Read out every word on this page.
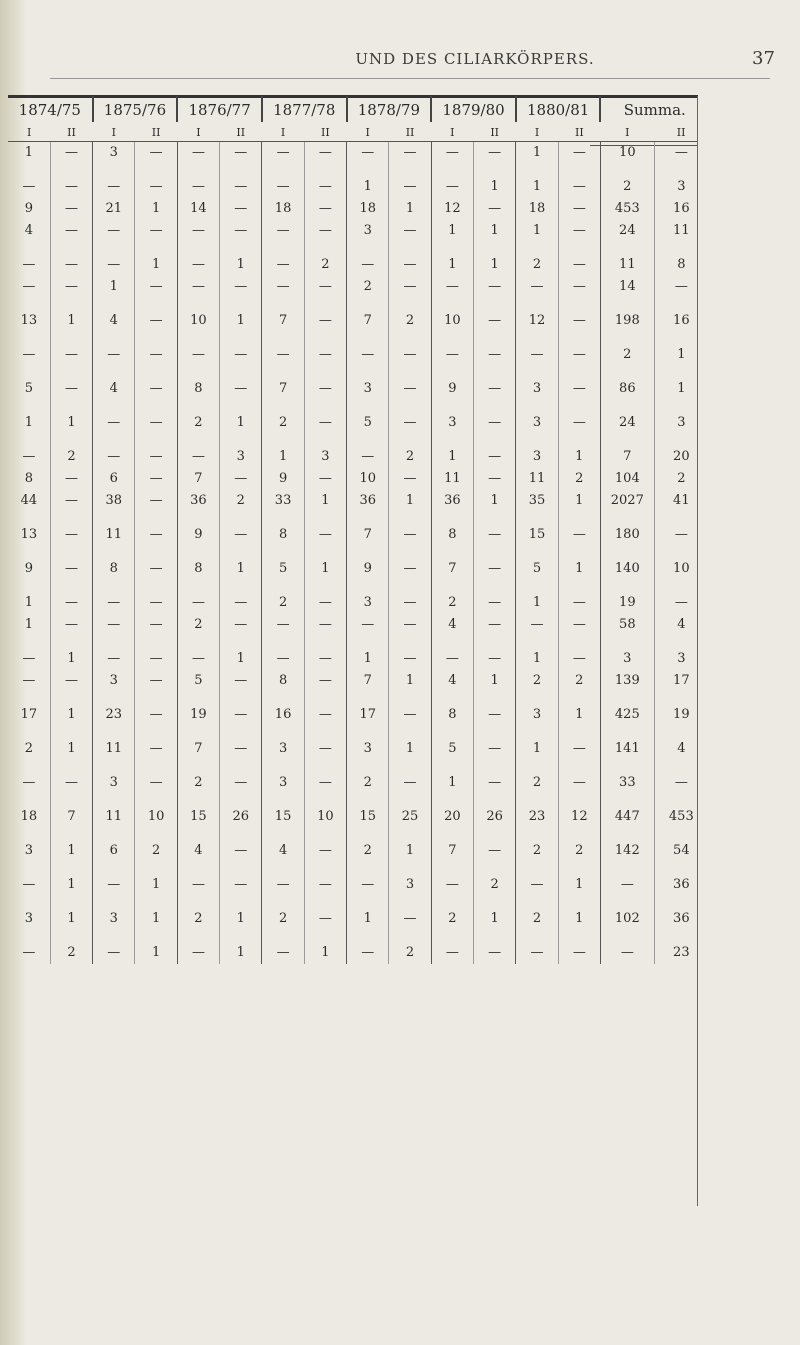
UND DES CILIARKÖRPERS.	37
1874/75		1875/76		1876/77		1877/78		1878/79		1879/80		1880/81		Summa.	
I	II	I	II	I	II	I	II	I	II	I	II	I	II	I	II
1	—	3	—	—	—	—	—	—	—	—	—	1	—	10	—

—	—	—	—	—	—	—	—	1	—	—	1	1	—	2	3
9	—	21	1	14	—	18	—	18	1	12	—	18	—	453	16
4	—	—	—	—	—	—	—	3	—	1	1	1	—	24	11

—	—	—	1	—	1	—	2	—	—	1	1	2	—	11	8
—	—	1	—	—	—	—	—	2	—	—	—	—	—	14	—

13	1	4	—	10	1	7	—	7	2	10	—	12	—	198	16

—	—	—	—	—	—	—	—	—	—	—	—	—	—	2	1

5	—	4	—	8	—	7	—	3	—	9	—	3	—	86	1

1	1	—	—	2	1	2	—	5	—	3	—	3	—	24	3

—	2	—	—	—	3	1	3	—	2	1	—	3	1	7	20
8	—	6	—	7	—	9	—	10	—	11	—	11	2	104	2
44	—	38	—	36	2	33	1	36	1	36	1	35	1	2027	41

13	—	11	—	9	—	8	—	7	—	8	—	15	—	180	—

9	—	8	—	8	1	5	1	9	—	7	—	5	1	140	10

1	—	—	—	—	—	2	—	3	—	2	—	1	—	19	—
1	—	—	—	2	—	—	—	—	—	4	—	—	—	58	4

—	1	—	—	—	1	—	—	1	—	—	—	1	—	3	3
—	—	3	—	5	—	8	—	7	1	4	1	2	2	139	17

17	1	23	—	19	—	16	—	17	—	8	—	3	1	425	19

2	1	11	—	7	—	3	—	3	1	5	—	1	—	141	4

—	—	3	—	2	—	3	—	2	—	1	—	2	—	33	—

18	7	11	10	15	26	15	10	15	25	20	26	23	12	447	453

3	1	6	2	4	—	4	—	2	1	7	—	2	2	142	54

—	1	—	1	—	—	—	—	—	3	—	2	—	1	—	36

3	1	3	1	2	1	2	—	1	—	2	1	2	1	102	36

—	2	—	1	—	1	—	1	—	2	—	—	—	—	—	23
